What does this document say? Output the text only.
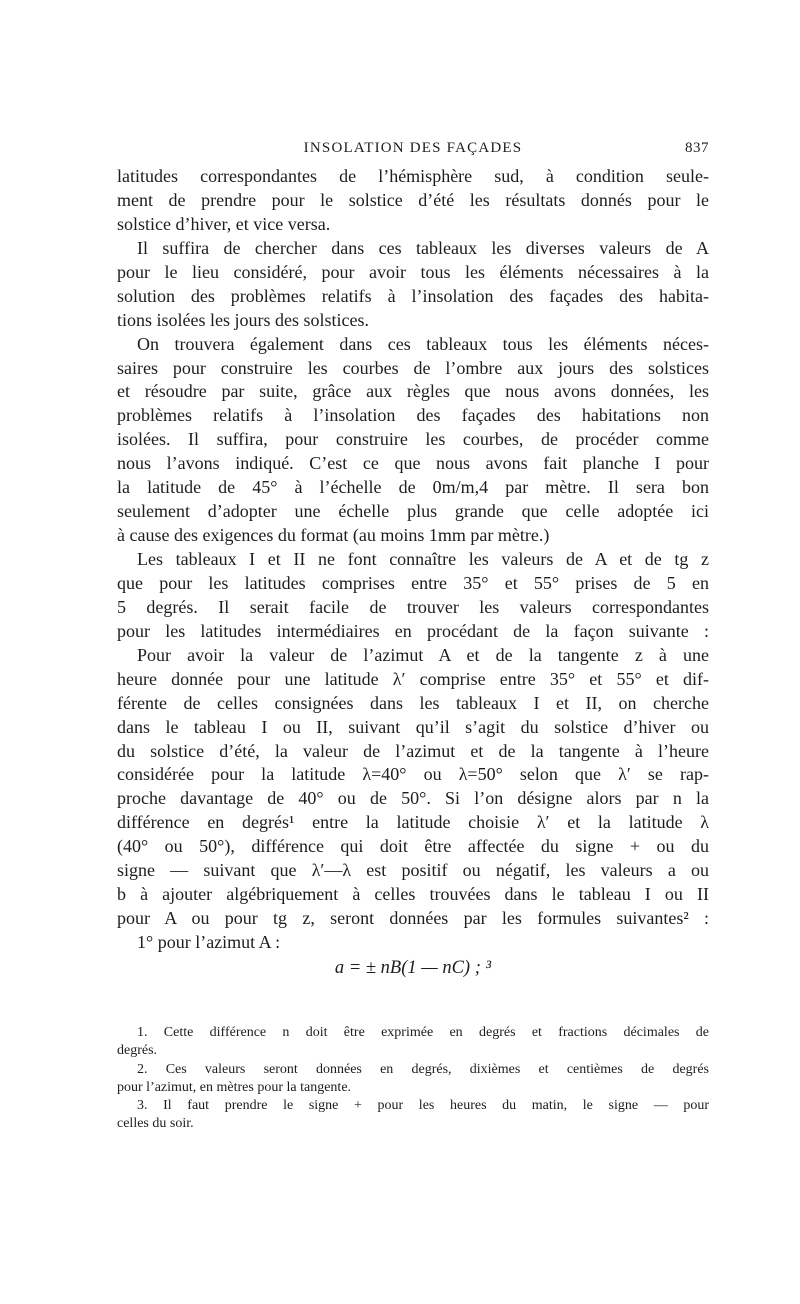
INSOLATION DES FAÇADES	837
latitudes correspondantes de l’hémisphère sud, à condition seule-
ment de prendre pour le solstice d’été les résultats donnés pour le
solstice d’hiver, et vice versa.
Il suffira de chercher dans ces tableaux les diverses valeurs de A
pour le lieu considéré, pour avoir tous les éléments nécessaires à la
solution des problèmes relatifs à l’insolation des façades des habita-
tions isolées les jours des solstices.
On trouvera également dans ces tableaux tous les éléments néces-
saires pour construire les courbes de l’ombre aux jours des solstices
et résoudre par suite, grâce aux règles que nous avons données, les
problèmes relatifs à l’insolation des façades des habitations non
isolées. Il suffira, pour construire les courbes, de procéder comme
nous l’avons indiqué. C’est ce que nous avons fait planche I pour
la latitude de 45° à l’échelle de 0m/m,4 par mètre. Il sera bon
seulement d’adopter une échelle plus grande que celle adoptée ici
à cause des exigences du format (au moins 1mm par mètre.)
Les tableaux I et II ne font connaître les valeurs de A et de tg z
que pour les latitudes comprises entre 35° et 55° prises de 5 en
5 degrés. Il serait facile de trouver les valeurs correspondantes
pour les latitudes intermédiaires en procédant de la façon suivante :
Pour avoir la valeur de l’azimut A et de la tangente z à une
heure donnée pour une latitude λ′ comprise entre 35° et 55° et dif-
férente de celles consignées dans les tableaux I et II, on cherche
dans le tableau I ou II, suivant qu’il s’agit du solstice d’hiver ou
du solstice d’été, la valeur de l’azimut et de la tangente à l’heure
considérée pour la latitude λ=40° ou λ=50° selon que λ′ se rap-
proche davantage de 40° ou de 50°. Si l’on désigne alors par n la
différence en degrés¹ entre la latitude choisie λ′ et la latitude λ
(40° ou 50°), différence qui doit être affectée du signe + ou du
signe — suivant que λ′—λ est positif ou négatif, les valeurs a ou
b à ajouter algébriquement à celles trouvées dans le tableau I ou II
pour A ou pour tg z, seront données par les formules suivantes² :
1° pour l’azimut A :
a = ± nB(1 — nC) ; ³
1. Cette différence n doit être exprimée en degrés et fractions décimales de
degrés.
2. Ces valeurs seront données en degrés, dixièmes et centièmes de degrés
pour l’azimut, en mètres pour la tangente.
3. Il faut prendre le signe + pour les heures du matin, le signe — pour
celles du soir.
